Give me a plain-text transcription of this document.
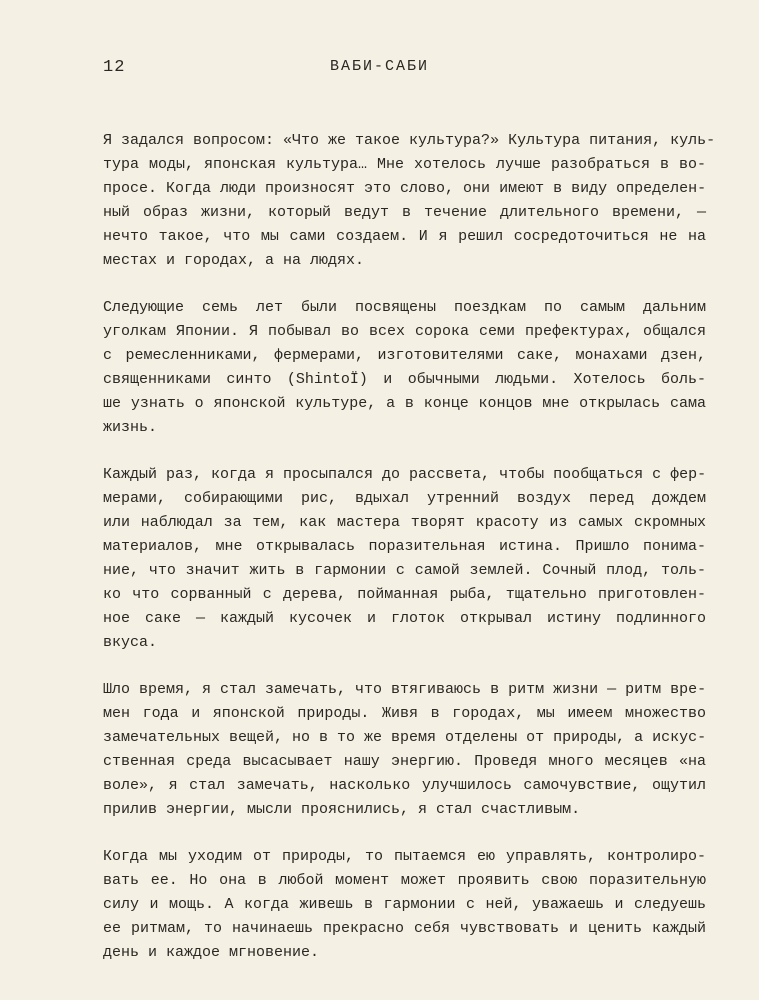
12	ВАБИ-САБИ

Я задался вопросом: «Что же такое культура?» Культура питания, куль-
тура моды, японская культура… Мне хотелось лучше разобраться в во-
просе. Когда люди произносят это слово, они имеют в виду определен-
ный образ жизни, который ведут в течение длительного времени, —
нечто такое, что мы сами создаем. И я решил сосредоточиться не на
местах и городах, а на людях.

Следующие семь лет были посвящены поездкам по самым дальним
уголкам Японии. Я побывал во всех сорока семи префектурах, общался
с ремесленниками, фермерами, изготовителями саке, монахами дзен,
священниками синто (ShintoЇ) и обычными людьми. Хотелось боль-
ше узнать о японской культуре, а в конце концов мне открылась сама
жизнь.

Каждый раз, когда я просыпался до рассвета, чтобы пообщаться с фер-
мерами, собирающими рис, вдыхал утренний воздух перед дождем
или наблюдал за тем, как мастера творят красоту из самых скромных
материалов, мне открывалась поразительная истина. Пришло понима-
ние, что значит жить в гармонии с самой землей. Сочный плод, толь-
ко что сорванный с дерева, пойманная рыба, тщательно приготовлен-
ное саке — каждый кусочек и глоток открывал истину подлинного
вкуса.

Шло время, я стал замечать, что втягиваюсь в ритм жизни — ритм вре-
мен года и японской природы. Живя в городах, мы имеем множество
замечательных вещей, но в то же время отделены от природы, а искус-
ственная среда высасывает нашу энергию. Проведя много месяцев «на
воле», я стал замечать, насколько улучшилось самочувствие, ощутил
прилив энергии, мысли прояснились, я стал счастливым.

Когда мы уходим от природы, то пытаемся ею управлять, контролиро-
вать ее. Но она в любой момент может проявить свою поразительную
силу и мощь. А когда живешь в гармонии с ней, уважаешь и следуешь
ее ритмам, то начинаешь прекрасно себя чувствовать и ценить каждый
день и каждое мгновение.
